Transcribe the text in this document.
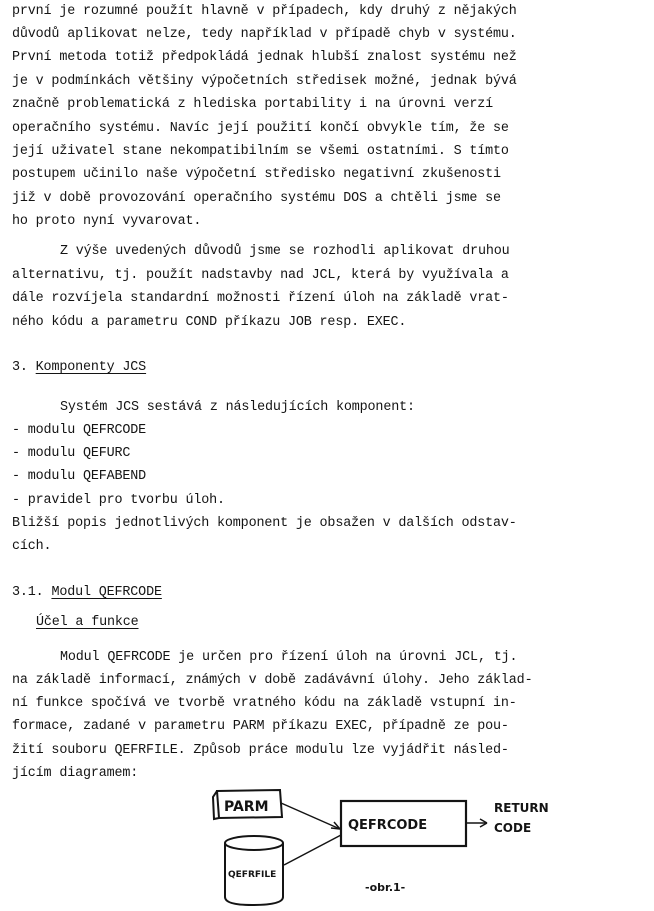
první je rozumné použít hlavně v případech, kdy druhý z nějakých
důvodů aplikovat nelze, tedy například v případě chyb v systému.
První metoda totiž předpokládá jednak hlubší znalost systému než
je v podmínkách většiny výpočetních středisek možné, jednak bývá
značně problematická z hlediska portability i na úrovni verzí
operačního systému. Navíc její použití končí obvykle tím, že se
její uživatel stane nekompatibilním se všemi ostatními. S tímto
postupem učinilo naše výpočetní středisko negativní zkušenosti
již v době provozování operačního systému DOS a chtěli jsme se
ho proto nyní vyvarovat.
Z výše uvedených důvodů jsme se rozhodli aplikovat druhou
alternativu, tj. použít nadstavby nad JCL, která by využívala a
dále rozvíjela standardní možnosti řízení úloh na základě vrat-
ného kódu a parametru COND příkazu JOB resp. EXEC.
3. Komponenty JCS
Systém JCS sestává z následujících komponent:
- modulu QEFRCODE
- modulu QEFURC
- modulu QEFABEND
- pravidel pro tvorbu úloh.
Bližší popis jednotlivých komponent je obsažen v dalších odstav-
cích.
3.1. Modul QEFRCODE
Účel a funkce
Modul QEFRCODE je určen pro řízení úloh na úrovni JCL, tj.
na základě informací, známých v době zadávávní úlohy. Jeho základ-
ní funkce spočívá ve tvorbě vratného kódu na základě vstupní in-
formace, zadané v parametru PARM příkazu EXEC, případně ze pou-
žití souboru QEFRFILE. Způsob práce modulu lze vyjádřit násled-
jícím diagramem:
PARM
QEFRCODE
RETURN
CODE
QEFRFILE
-obr.1-
